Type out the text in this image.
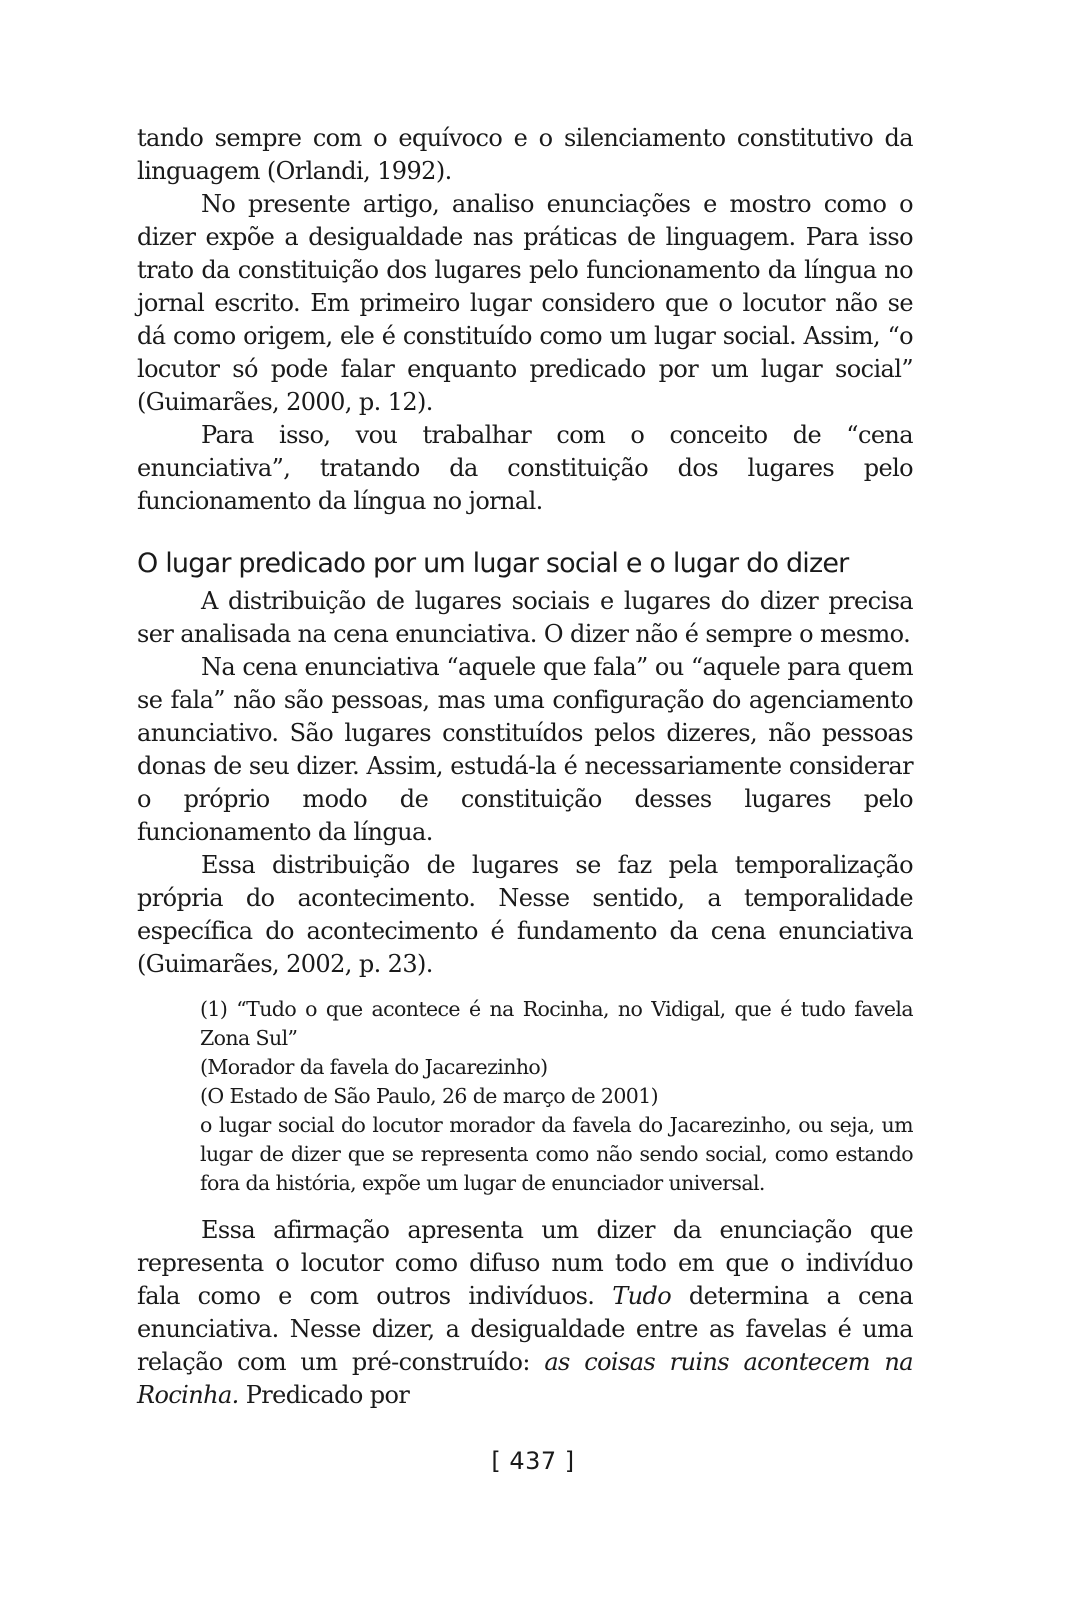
tando sempre com o equívoco e o silenciamento constitutivo da linguagem (Orlandi, 1992).

No presente artigo, analiso enunciações e mostro como o dizer expõe a desigualdade nas práticas de linguagem. Para isso trato da constituição dos lugares pelo funcionamento da língua no jornal escrito. Em primeiro lugar considero que o locutor não se dá como origem, ele é constituído como um lugar social. Assim, “o locutor só pode falar enquanto predicado por um lugar social” (Guimarães, 2000, p. 12).

Para isso, vou trabalhar com o conceito de “cena enunciativa”, tratando da constituição dos lugares pelo funcionamento da língua no jornal.

O lugar predicado por um lugar social e o lugar do dizer

A distribuição de lugares sociais e lugares do dizer precisa ser analisada na cena enunciativa. O dizer não é sempre o mesmo.

Na cena enunciativa “aquele que fala” ou “aquele para quem se fala” não são pessoas, mas uma configuração do agenciamento anunciativo. São lugares constituídos pelos dizeres, não pessoas donas de seu dizer. Assim, estudá-la é necessariamente considerar o próprio modo de constituição desses lugares pelo funcionamento da língua.

Essa distribuição de lugares se faz pela temporalização própria do acontecimento. Nesse sentido, a temporalidade específica do acontecimento é fundamento da cena enunciativa (Guimarães, 2002, p. 23).

(1) “Tudo o que acontece é na Rocinha, no Vidigal, que é tudo favela Zona Sul”

(Morador da favela do Jacarezinho)

(O Estado de São Paulo, 26 de março de 2001)

o lugar social do locutor morador da favela do Jacarezinho, ou seja, um lugar de dizer que se representa como não sendo social, como estando fora da história, expõe um lugar de enunciador universal.

Essa afirmação apresenta um dizer da enunciação que representa o locutor como difuso num todo em que o indivíduo fala como e com outros indivíduos. Tudo determina a cena enunciativa. Nesse dizer, a desigualdade entre as favelas é uma relação com um pré-construído: as coisas ruins acontecem na Rocinha. Predicado por

[ 437 ]
